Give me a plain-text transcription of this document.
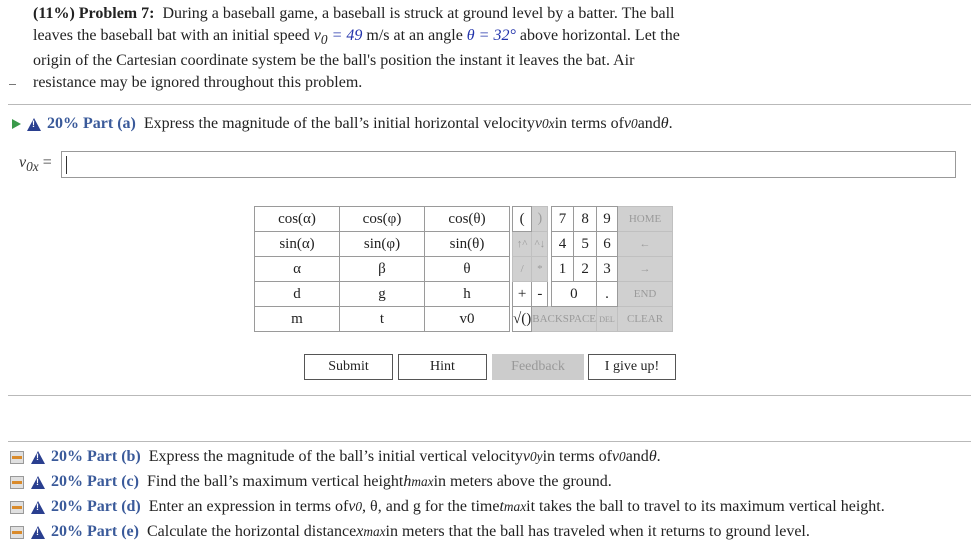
(11%) Problem 7: During a baseball game, a baseball is struck at ground level by a batter. The ball
leaves the baseball bat with an initial speed $v_0 = 49$ m/s at an angle θ = 32° above horizontal. Let the
origin of the Cartesian coordinate system be the ball's position the instant it leaves the bat. Air
resistance may be ignored throughout this problem.
!
20% Part (a) Express the magnitude of the ball’s initial horizontal velocity v 0x in terms of v 0 and θ .
$v_{0x}$ =
cos(α)	cos(φ)	cos(θ)		(	)		7	8	9	HOME
sin(α)	sin(φ)	sin(θ)		↑^	^↓		4	5	6	←
α	β	θ		/	*		1	2	3	→
d	g	h		+	-		0		.	END
m	t	v0		√()	BACKSPACE				DEL	CLEAR
Submit	Hint	Feedback	I give up!
!
20% Part (b) Express the magnitude of the ball’s initial vertical velocity v 0y in terms of v 0 and θ .
!
20% Part (c) Find the ball’s maximum vertical height h max in meters above the ground.
!
20% Part (d) Enter an expression in terms of v 0 , θ, and g for the time t max it takes the ball to travel to its maximum vertical height.
!
20% Part (e) Calculate the horizontal distance x max in meters that the ball has traveled when it returns to ground level.
